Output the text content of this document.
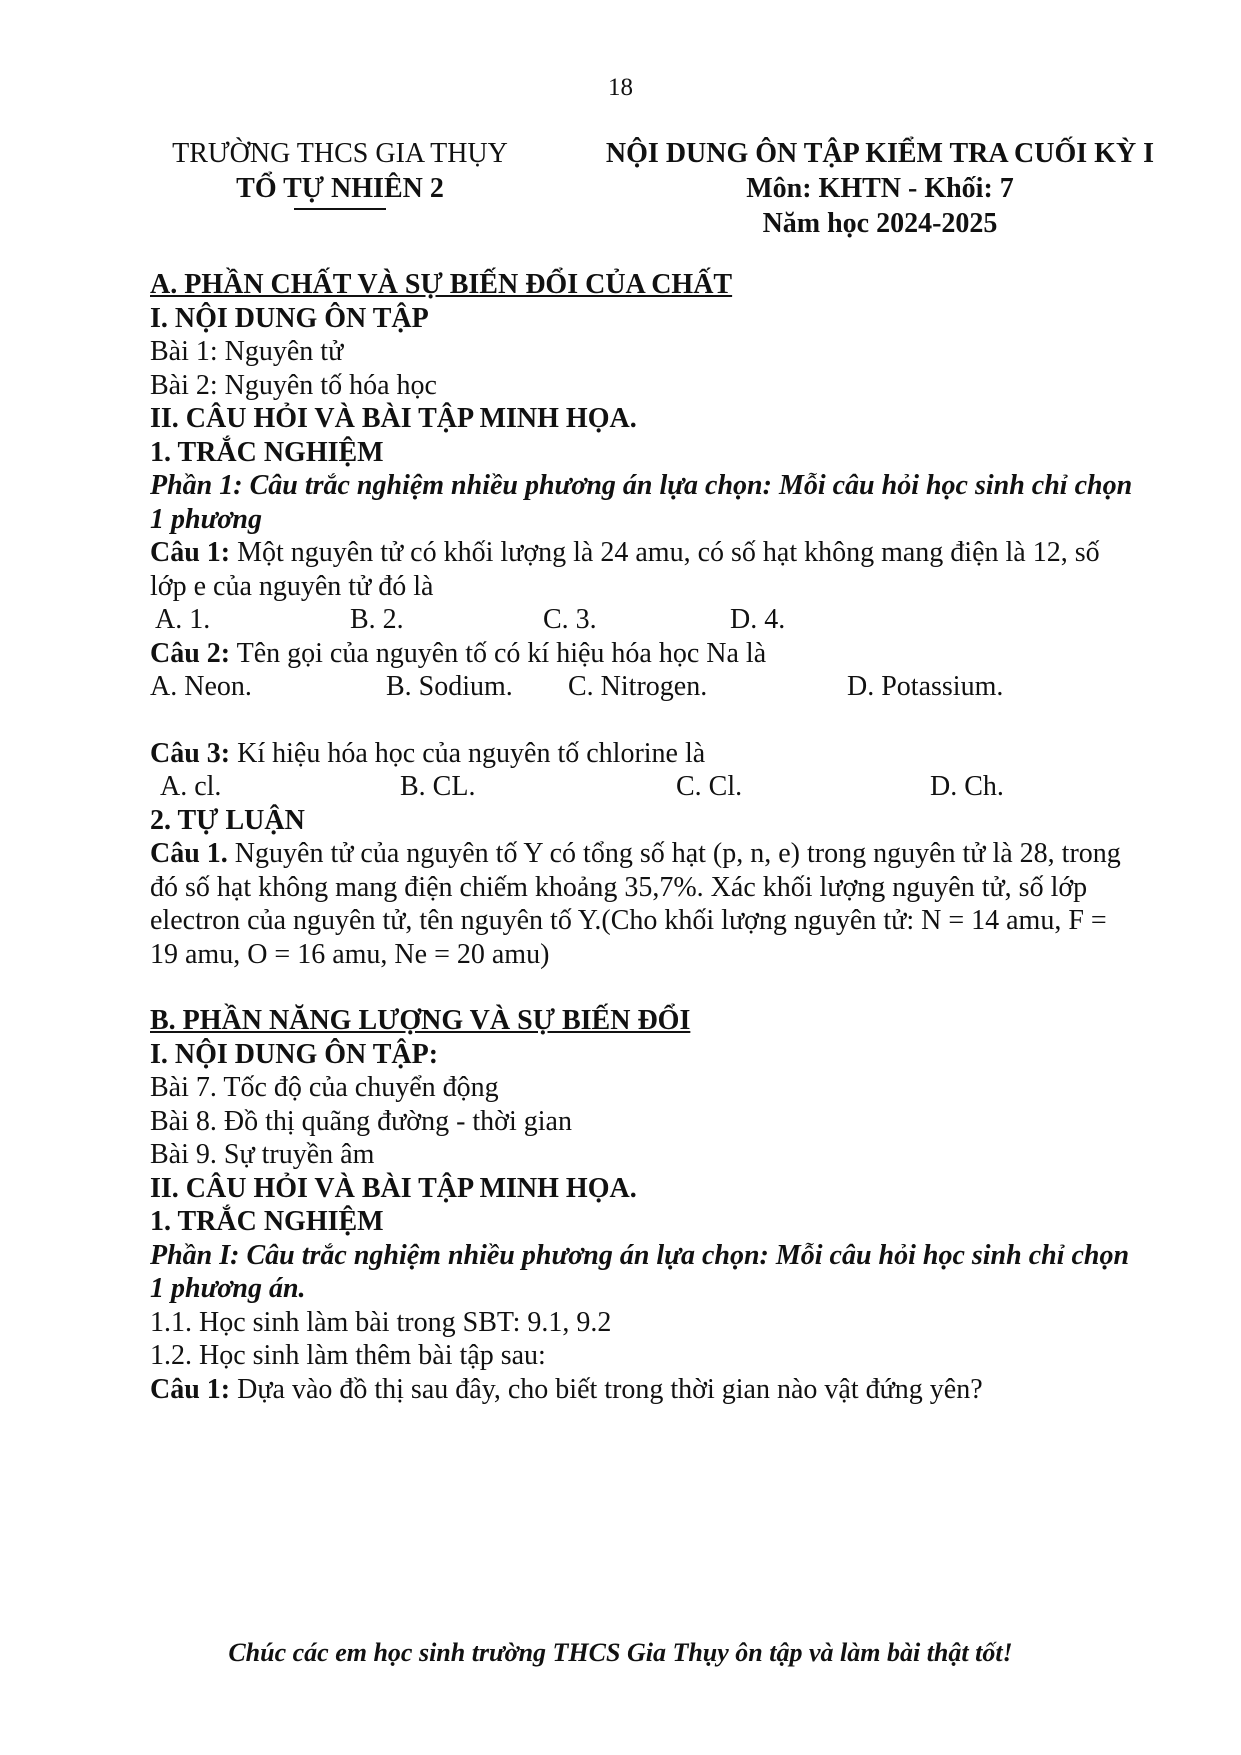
18
TRƯỜNG THCS GIA THỤY
TỔ TỰ NHIÊN 2
NỘI DUNG ÔN TẬP KIỂM TRA CUỐI KỲ I
Môn: KHTN - Khối: 7
Năm học 2024-2025
A. PHẦN CHẤT VÀ SỰ BIẾN ĐỔI CỦA CHẤT
I. NỘI DUNG ÔN TẬP
Bài 1: Nguyên tử
Bài 2: Nguyên tố hóa học
II. CÂU HỎI VÀ BÀI TẬP MINH HỌA.
1. TRẮC NGHIỆM
Phần 1: Câu trắc nghiệm nhiều phương án lựa chọn: Mỗi câu hỏi học sinh chỉ chọn 1 phương
Câu 1: Một nguyên tử có khối lượng là 24 amu, có số hạt không mang điện là 12, số lớp e của nguyên tử đó là
A. 1.	B. 2.	C. 3.	D. 4.
Câu 2: Tên gọi của nguyên tố có kí hiệu hóa học Na là
A. Neon.	B. Sodium. C. Nitrogen.	D. Potassium.
Câu 3: Kí hiệu hóa học của nguyên tố chlorine là
A. cl.	B. CL.	C. Cl.	D. Ch.
2. TỰ LUẬN
Câu 1. Nguyên tử của nguyên tố Y có tổng số hạt (p, n, e) trong nguyên tử là 28, trong đó số hạt không mang điện chiếm khoảng 35,7%. Xác khối lượng nguyên tử, số lớp electron của nguyên tử, tên nguyên tố Y.(Cho khối lượng nguyên tử: N = 14 amu, F = 19 amu, O = 16 amu, Ne = 20 amu)
B. PHẦN NĂNG LƯỢNG VÀ SỰ BIẾN ĐỔI
I. NỘI DUNG ÔN TẬP:
Bài 7. Tốc độ của chuyển động
Bài 8. Đồ thị quãng đường - thời gian
Bài 9. Sự truyền âm
II. CÂU HỎI VÀ BÀI TẬP MINH HỌA.
1. TRẮC NGHIỆM
Phần I: Câu trắc nghiệm nhiều phương án lựa chọn: Mỗi câu hỏi học sinh chỉ chọn 1 phương án.
1.1. Học sinh làm bài trong SBT: 9.1, 9.2
1.2. Học sinh làm thêm bài tập sau:
Câu 1: Dựa vào đồ thị sau đây, cho biết trong thời gian nào vật đứng yên?
Chúc các em học sinh trường THCS Gia Thụy ôn tập và làm bài thật tốt!
